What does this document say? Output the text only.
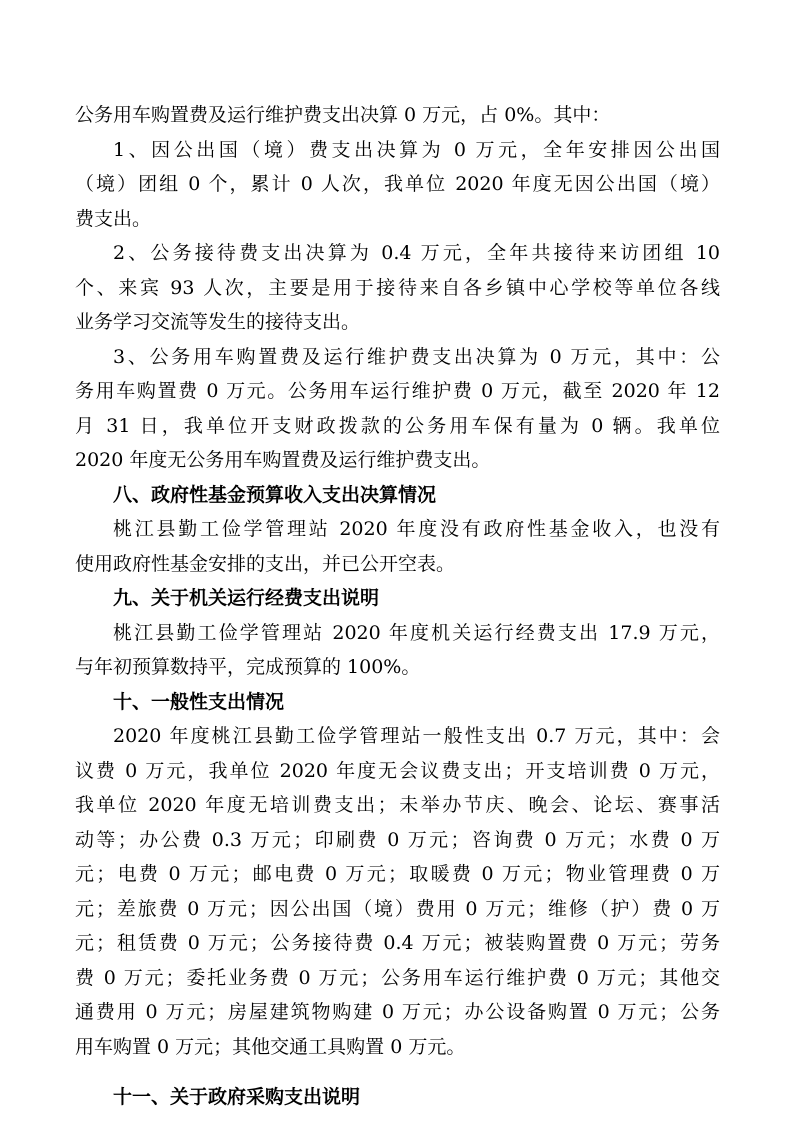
公务用车购置费及运行维护费支出决算 0 万元，占 0%。其中：
1、因公出国（境）费支出决算为 0 万元，全年安排因公出国
（境）团组 0 个，累计 0 人次，我单位 2020 年度无因公出国（境）
费支出。
2、公务接待费支出决算为 0.4 万元，全年共接待来访团组 10
个、来宾 93 人次，主要是用于接待来自各乡镇中心学校等单位各线
业务学习交流等发生的接待支出。
3、公务用车购置费及运行维护费支出决算为 0 万元，其中：公
务用车购置费 0 万元。公务用车运行维护费 0 万元，截至 2020 年 12
月 31 日，我单位开支财政拨款的公务用车保有量为 0 辆。我单位
2020 年度无公务用车购置费及运行维护费支出。
八、政府性基金预算收入支出决算情况
桃江县勤工俭学管理站 2020 年度没有政府性基金收入，也没有
使用政府性基金安排的支出，并已公开空表。
九、关于机关运行经费支出说明
桃江县勤工俭学管理站 2020 年度机关运行经费支出 17.9 万元，
与年初预算数持平，完成预算的 100%。
十、一般性支出情况
2020 年度桃江县勤工俭学管理站一般性支出 0.7 万元，其中：会
议费 0 万元，我单位 2020 年度无会议费支出；开支培训费 0 万元，
我单位 2020 年度无培训费支出；未举办节庆、晚会、论坛、赛事活
动等；办公费 0.3 万元；印刷费 0 万元；咨询费 0 万元；水费 0 万
元；电费 0 万元；邮电费 0 万元；取暖费 0 万元；物业管理费 0 万
元；差旅费 0 万元；因公出国（境）费用 0 万元；维修（护）费 0 万
元；租赁费 0 万元；公务接待费 0.4 万元；被装购置费 0 万元；劳务
费 0 万元；委托业务费 0 万元；公务用车运行维护费 0 万元；其他交
通费用 0 万元；房屋建筑物购建 0 万元；办公设备购置 0 万元；公务
用车购置 0 万元；其他交通工具购置 0 万元。
十一、关于政府采购支出说明
